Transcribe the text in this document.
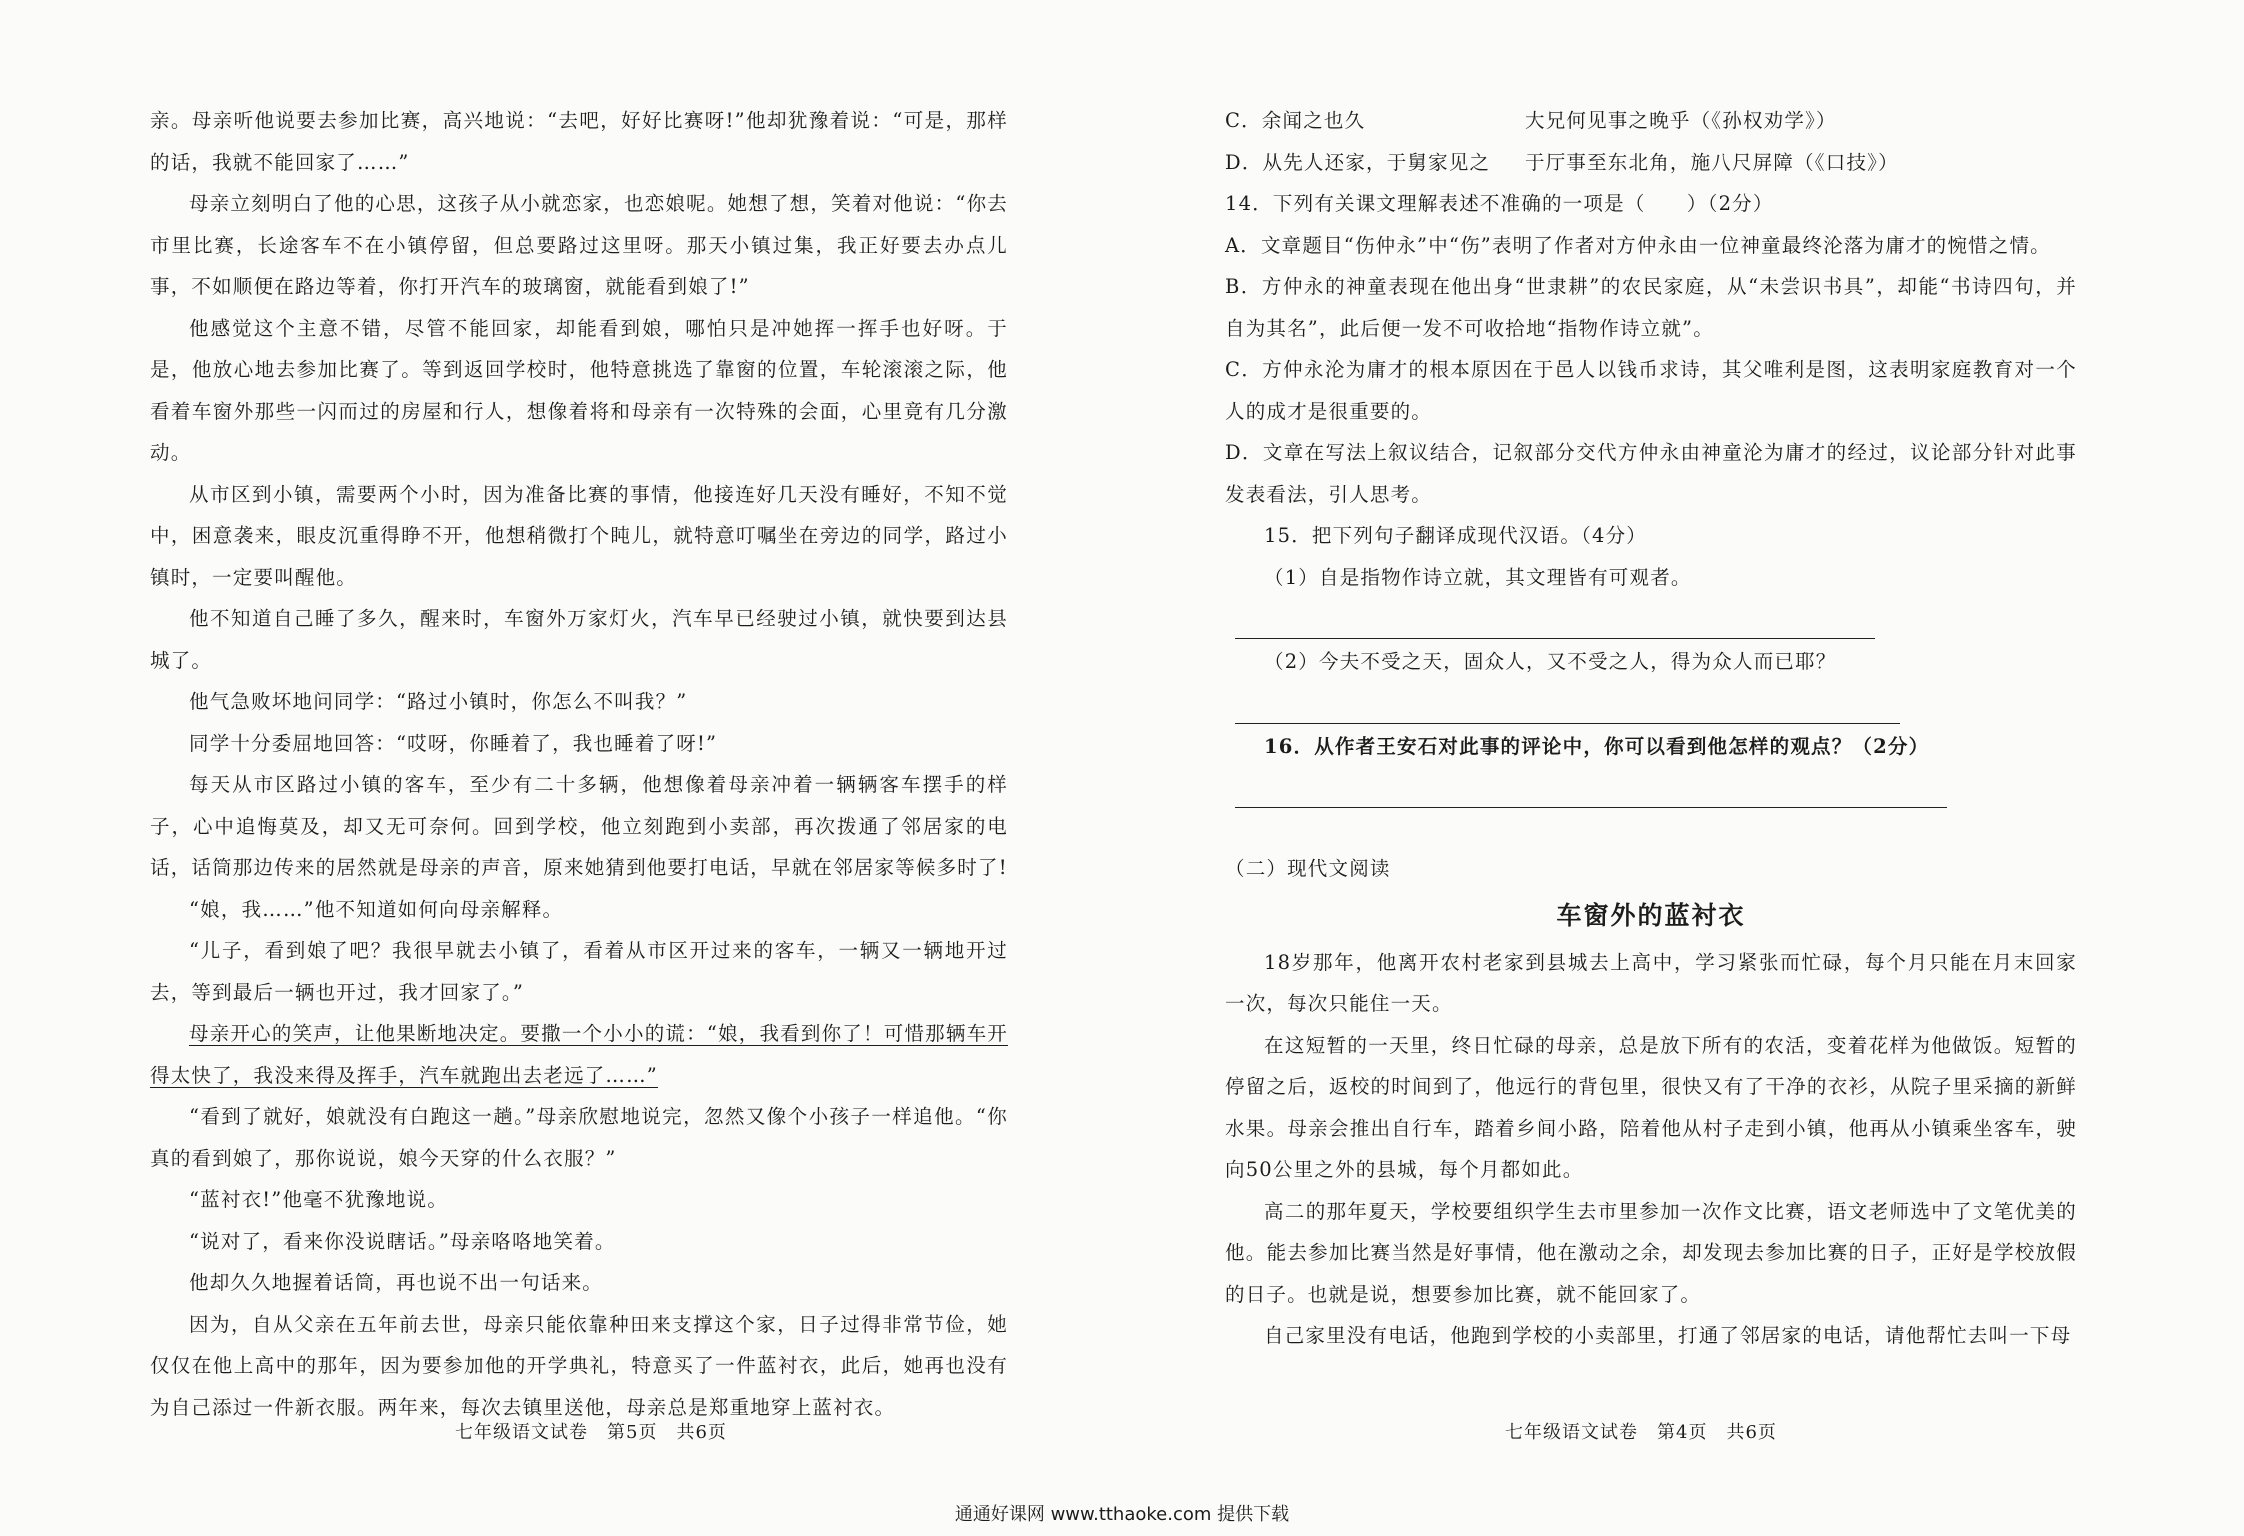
亲。母亲听他说要去参加比赛，高兴地说：“去吧，好好比赛呀!”他却犹豫着说：“可是，那样的话，我就不能回家了……”

母亲立刻明白了他的心思，这孩子从小就恋家，也恋娘呢。她想了想，笑着对他说：“你去市里比赛，长途客车不在小镇停留，但总要路过这里呀。那天小镇过集，我正好要去办点儿事，不如顺便在路边等着，你打开汽车的玻璃窗，就能看到娘了!”

他感觉这个主意不错，尽管不能回家，却能看到娘，哪怕只是冲她挥一挥手也好呀。于是，他放心地去参加比赛了。等到返回学校时，他特意挑选了靠窗的位置，车轮滚滚之际，他看着车窗外那些一闪而过的房屋和行人，想像着将和母亲有一次特殊的会面，心里竟有几分激动。

从市区到小镇，需要两个小时，因为准备比赛的事情，他接连好几天没有睡好，不知不觉中，困意袭来，眼皮沉重得睁不开，他想稍微打个盹儿，就特意叮嘱坐在旁边的同学，路过小镇时，一定要叫醒他。

他不知道自己睡了多久，醒来时，车窗外万家灯火，汽车早已经驶过小镇，就快要到达县城了。

他气急败坏地问同学：“路过小镇时，你怎么不叫我？”

同学十分委屈地回答：“哎呀，你睡着了，我也睡着了呀!”

每天从市区路过小镇的客车，至少有二十多辆，他想像着母亲冲着一辆辆客车摆手的样子，心中追悔莫及，却又无可奈何。回到学校，他立刻跑到小卖部，再次拨通了邻居家的电话，话筒那边传来的居然就是母亲的声音，原来她猜到他要打电话，早就在邻居家等候多时了!

“娘，我……”他不知道如何向母亲解释。

“儿子，看到娘了吧？我很早就去小镇了，看着从市区开过来的客车，一辆又一辆地开过去，等到最后一辆也开过，我才回家了。”

母亲开心的笑声，让他果断地决定。要撒一个小小的谎：“娘，我看到你了！可惜那辆车开得太快了，我没来得及挥手，汽车就跑出去老远了……”

“看到了就好，娘就没有白跑这一趟。”母亲欣慰地说完，忽然又像个小孩子一样追他。“你真的看到娘了，那你说说，娘今天穿的什么衣服？”

“蓝衬衣!”他毫不犹豫地说。

“说对了，看来你没说瞎话。”母亲咯咯地笑着。

他却久久地握着话筒，再也说不出一句话来。

因为，自从父亲在五年前去世，母亲只能依靠种田来支撑这个家，日子过得非常节俭，她仅仅在他上高中的那年，因为要参加他的开学典礼，特意买了一件蓝衬衣，此后，她再也没有为自己添过一件新衣服。两年来，每次去镇里送他，母亲总是郑重地穿上蓝衬衣。

C．余闻之也久	大兄何见事之晚乎（《孙权劝学》）

D．从先人还家，于舅家见之	于厅事至东北角，施八尺屏障（《口技》）

14．下列有关课文理解表述不准确的一项是（　　）（2分）

A．文章题目“伤仲永”中“伤”表明了作者对方仲永由一位神童最终沦落为庸才的惋惜之情。

B．方仲永的神童表现在他出身“世隶耕”的农民家庭，从“未尝识书具”，却能“书诗四句，并自为其名”，此后便一发不可收拾地“指物作诗立就”。

C．方仲永沦为庸才的根本原因在于邑人以钱币求诗，其父唯利是图，这表明家庭教育对一个人的成才是很重要的。

D．文章在写法上叙议结合，记叙部分交代方仲永由神童沦为庸才的经过，议论部分针对此事发表看法，引人思考。

15．把下列句子翻译成现代汉语。（4分）

（1）自是指物作诗立就，其文理皆有可观者。

（2）今夫不受之天，固众人，又不受之人，得为众人而已耶？

16．从作者王安石对此事的评论中，你可以看到他怎样的观点？（2分）

（二）现代文阅读

车窗外的蓝衬衣

18岁那年，他离开农村老家到县城去上高中，学习紧张而忙碌，每个月只能在月末回家一次，每次只能住一天。

在这短暂的一天里，终日忙碌的母亲，总是放下所有的农活，变着花样为他做饭。短暂的停留之后，返校的时间到了，他远行的背包里，很快又有了干净的衣衫，从院子里采摘的新鲜水果。母亲会推出自行车，踏着乡间小路，陪着他从村子走到小镇，他再从小镇乘坐客车，驶向50公里之外的县城，每个月都如此。

高二的那年夏天，学校要组织学生去市里参加一次作文比赛，语文老师选中了文笔优美的他。能去参加比赛当然是好事情，他在激动之余，却发现去参加比赛的日子，正好是学校放假的日子。也就是说，想要参加比赛，就不能回家了。

自己家里没有电话，他跑到学校的小卖部里，打通了邻居家的电话，请他帮忙去叫一下母

七年级语文试卷　第5页　共6页	七年级语文试卷　第4页　共6页
通通好课网 www.tthaoke.com 提供下载
